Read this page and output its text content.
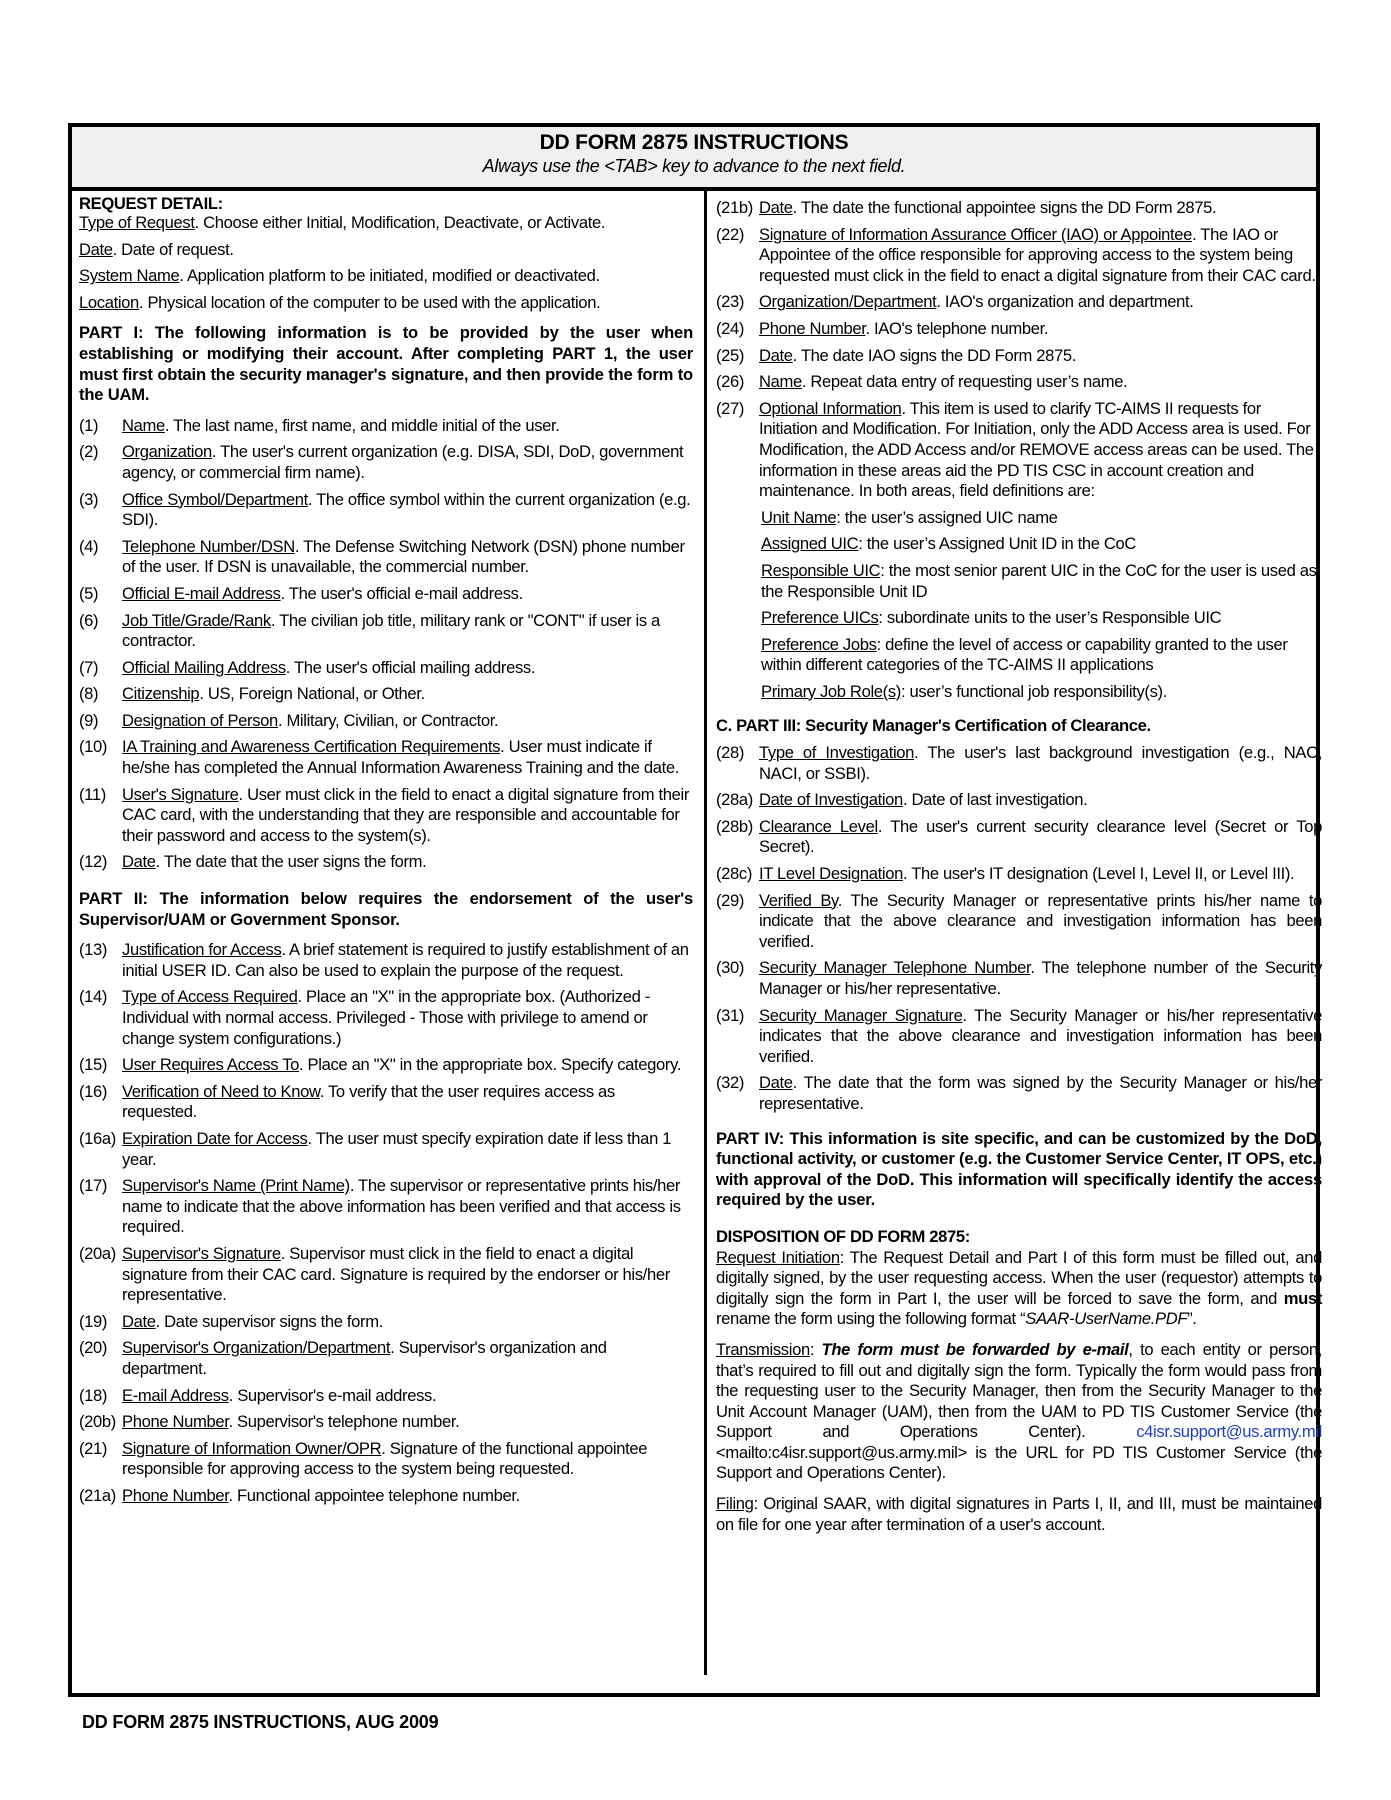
DD FORM 2875 INSTRUCTIONS
Always use the <TAB> key to advance to the next field.
REQUEST DETAIL:
Type of Request. Choose either Initial, Modification, Deactivate, or Activate.
Date. Date of request.
System Name. Application platform to be initiated, modified or deactivated.
Location. Physical location of the computer to be used with the application.
PART I: The following information is to be provided by the user when establishing or modifying their account. After completing PART 1, the user must first obtain the security manager's signature, and then provide the form to the UAM.
(1)	Name. The last name, first name, and middle initial of the user.
(2)	Organization. The user's current organization (e.g. DISA, SDI, DoD, government agency, or commercial firm name).
(3)	Office Symbol/Department. The office symbol within the current organization (e.g. SDI).
(4)	Telephone Number/DSN. The Defense Switching Network (DSN) phone number of the user. If DSN is unavailable, the commercial number.
(5)	Official E-mail Address. The user's official e-mail address.
(6)	Job Title/Grade/Rank. The civilian job title, military rank or "CONT" if user is a contractor.
(7)	Official Mailing Address. The user's official mailing address.
(8)	Citizenship. US, Foreign National, or Other.
(9)	Designation of Person. Military, Civilian, or Contractor.
(10) IA Training and Awareness Certification Requirements. User must indicate if he/she has completed the Annual Information Awareness Training and the date.
(11) User's Signature. User must click in the field to enact a digital signature from their CAC card, with the understanding that they are responsible and accountable for their password and access to the system(s).
(12) Date. The date that the user signs the form.
PART II: The information below requires the endorsement of the user's Supervisor/UAM or Government Sponsor.
(13) Justification for Access. A brief statement is required to justify establishment of an initial USER ID. Can also be used to explain the purpose of the request.
(14) Type of Access Required. Place an "X" in the appropriate box. (Authorized - Individual with normal access. Privileged - Those with privilege to amend or change system configurations.)
(15) User Requires Access To. Place an "X" in the appropriate box. Specify category.
(16) Verification of Need to Know. To verify that the user requires access as requested.
(16a) Expiration Date for Access. The user must specify expiration date if less than 1 year.
(17) Supervisor's Name (Print Name). The supervisor or representative prints his/her name to indicate that the above information has been verified and that access is required.
(20a) Supervisor's Signature. Supervisor must click in the field to enact a digital signature from their CAC card. Signature is required by the endorser or his/her representative.
(19) Date. Date supervisor signs the form.
(20) Supervisor's Organization/Department. Supervisor's organization and department.
(18) E-mail Address. Supervisor's e-mail address.
(20b) Phone Number. Supervisor's telephone number.
(21) Signature of Information Owner/OPR. Signature of the functional appointee responsible for approving access to the system being requested.
(21a) Phone Number. Functional appointee telephone number.
(21b) Date. The date the functional appointee signs the DD Form 2875.
(22) Signature of Information Assurance Officer (IAO) or Appointee. The IAO or Appointee of the office responsible for approving access to the system being requested must click in the field to enact a digital signature from their CAC card.
(23) Organization/Department. IAO's organization and department.
(24) Phone Number. IAO's telephone number.
(25) Date. The date IAO signs the DD Form 2875.
(26) Name. Repeat data entry of requesting user’s name.
(27) Optional Information. This item is used to clarify TC-AIMS II requests for Initiation and Modification. For Initiation, only the ADD Access area is used. For Modification, the ADD Access and/or REMOVE access areas can be used. The information in these areas aid the PD TIS CSC in account creation and maintenance. In both areas, field definitions are:
Unit Name: the user’s assigned UIC name
Assigned UIC: the user’s Assigned Unit ID in the CoC
Responsible UIC: the most senior parent UIC in the CoC for the user is used as the Responsible Unit ID
Preference UICs: subordinate units to the user’s Responsible UIC
Preference Jobs: define the level of access or capability granted to the user within different categories of the TC-AIMS II applications
Primary Job Role(s): user’s functional job responsibility(s).
C. PART III: Security Manager's Certification of Clearance.
(28) Type of Investigation. The user's last background investigation (e.g., NAC, NACI, or SSBI).
(28a) Date of Investigation. Date of last investigation.
(28b) Clearance Level. The user's current security clearance level (Secret or Top Secret).
(28c) IT Level Designation. The user's IT designation (Level I, Level II, or Level III).
(29) Verified By. The Security Manager or representative prints his/her name to indicate that the above clearance and investigation information has been verified.
(30) Security Manager Telephone Number. The telephone number of the Security Manager or his/her representative.
(31) Security Manager Signature. The Security Manager or his/her representative indicates that the above clearance and investigation information has been verified.
(32) Date. The date that the form was signed by the Security Manager or his/her representative.
PART IV: This information is site specific, and can be customized by the DoD, functional activity, or customer (e.g. the Customer Service Center, IT OPS, etc.) with approval of the DoD. This information will specifically identify the access required by the user.
DISPOSITION OF DD FORM 2875:
Request Initiation: The Request Detail and Part I of this form must be filled out, and digitally signed, by the user requesting access. When the user (requestor) attempts to digitally sign the form in Part I, the user will be forced to save the form, and must rename the form using the following format “SAAR-UserName.PDF”.
Transmission: The form must be forwarded by e-mail, to each entity or person, that’s required to fill out and digitally sign the form. Typically the form would pass from the requesting user to the Security Manager, then from the Security Manager to the Unit Account Manager (UAM), then from the UAM to PD TIS Customer Service (the Support and Operations Center). c4isr.support@us.army.mil <mailto:c4isr.support@us.army.mil> is the URL for PD TIS Customer Service (the Support and Operations Center).
Filing: Original SAAR, with digital signatures in Parts I, II, and III, must be maintained on file for one year after termination of a user's account.
DD FORM 2875 INSTRUCTIONS, AUG 2009
